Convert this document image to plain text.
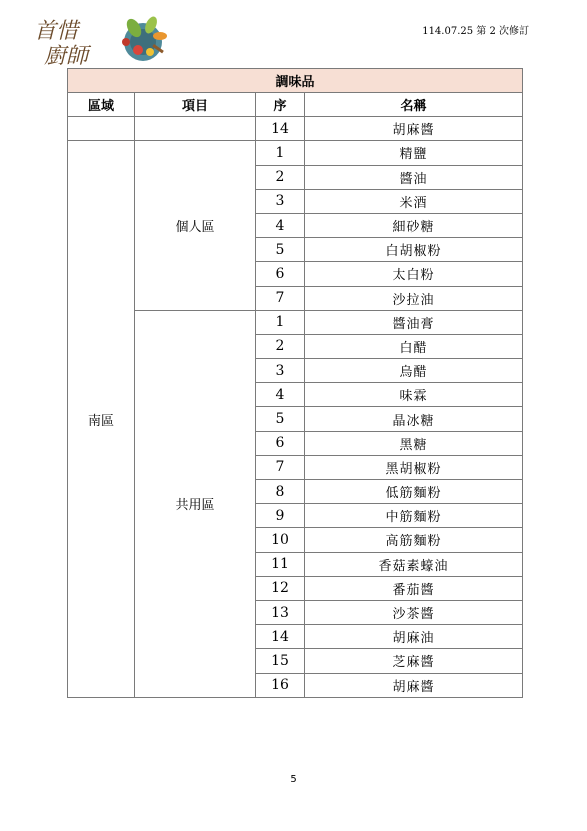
首惜
廚師
114.07.25 第 2 次修訂
調味品			
區域	項目	序	名稱
		14	胡麻醬
南區	個人區	1	精鹽
		2	醬油
		3	米酒
		4	細砂糖
		5	白胡椒粉
		6	太白粉
		7	沙拉油
	共用區	1	醬油膏
		2	白醋
		3	烏醋
		4	味霖
		5	晶冰糖
		6	黑糖
		7	黑胡椒粉
		8	低筋麵粉
		9	中筋麵粉
		10	高筋麵粉
		11	香菇素蠔油
		12	番茄醬
		13	沙茶醬
		14	胡麻油
		15	芝麻醬
		16	胡麻醬
5
